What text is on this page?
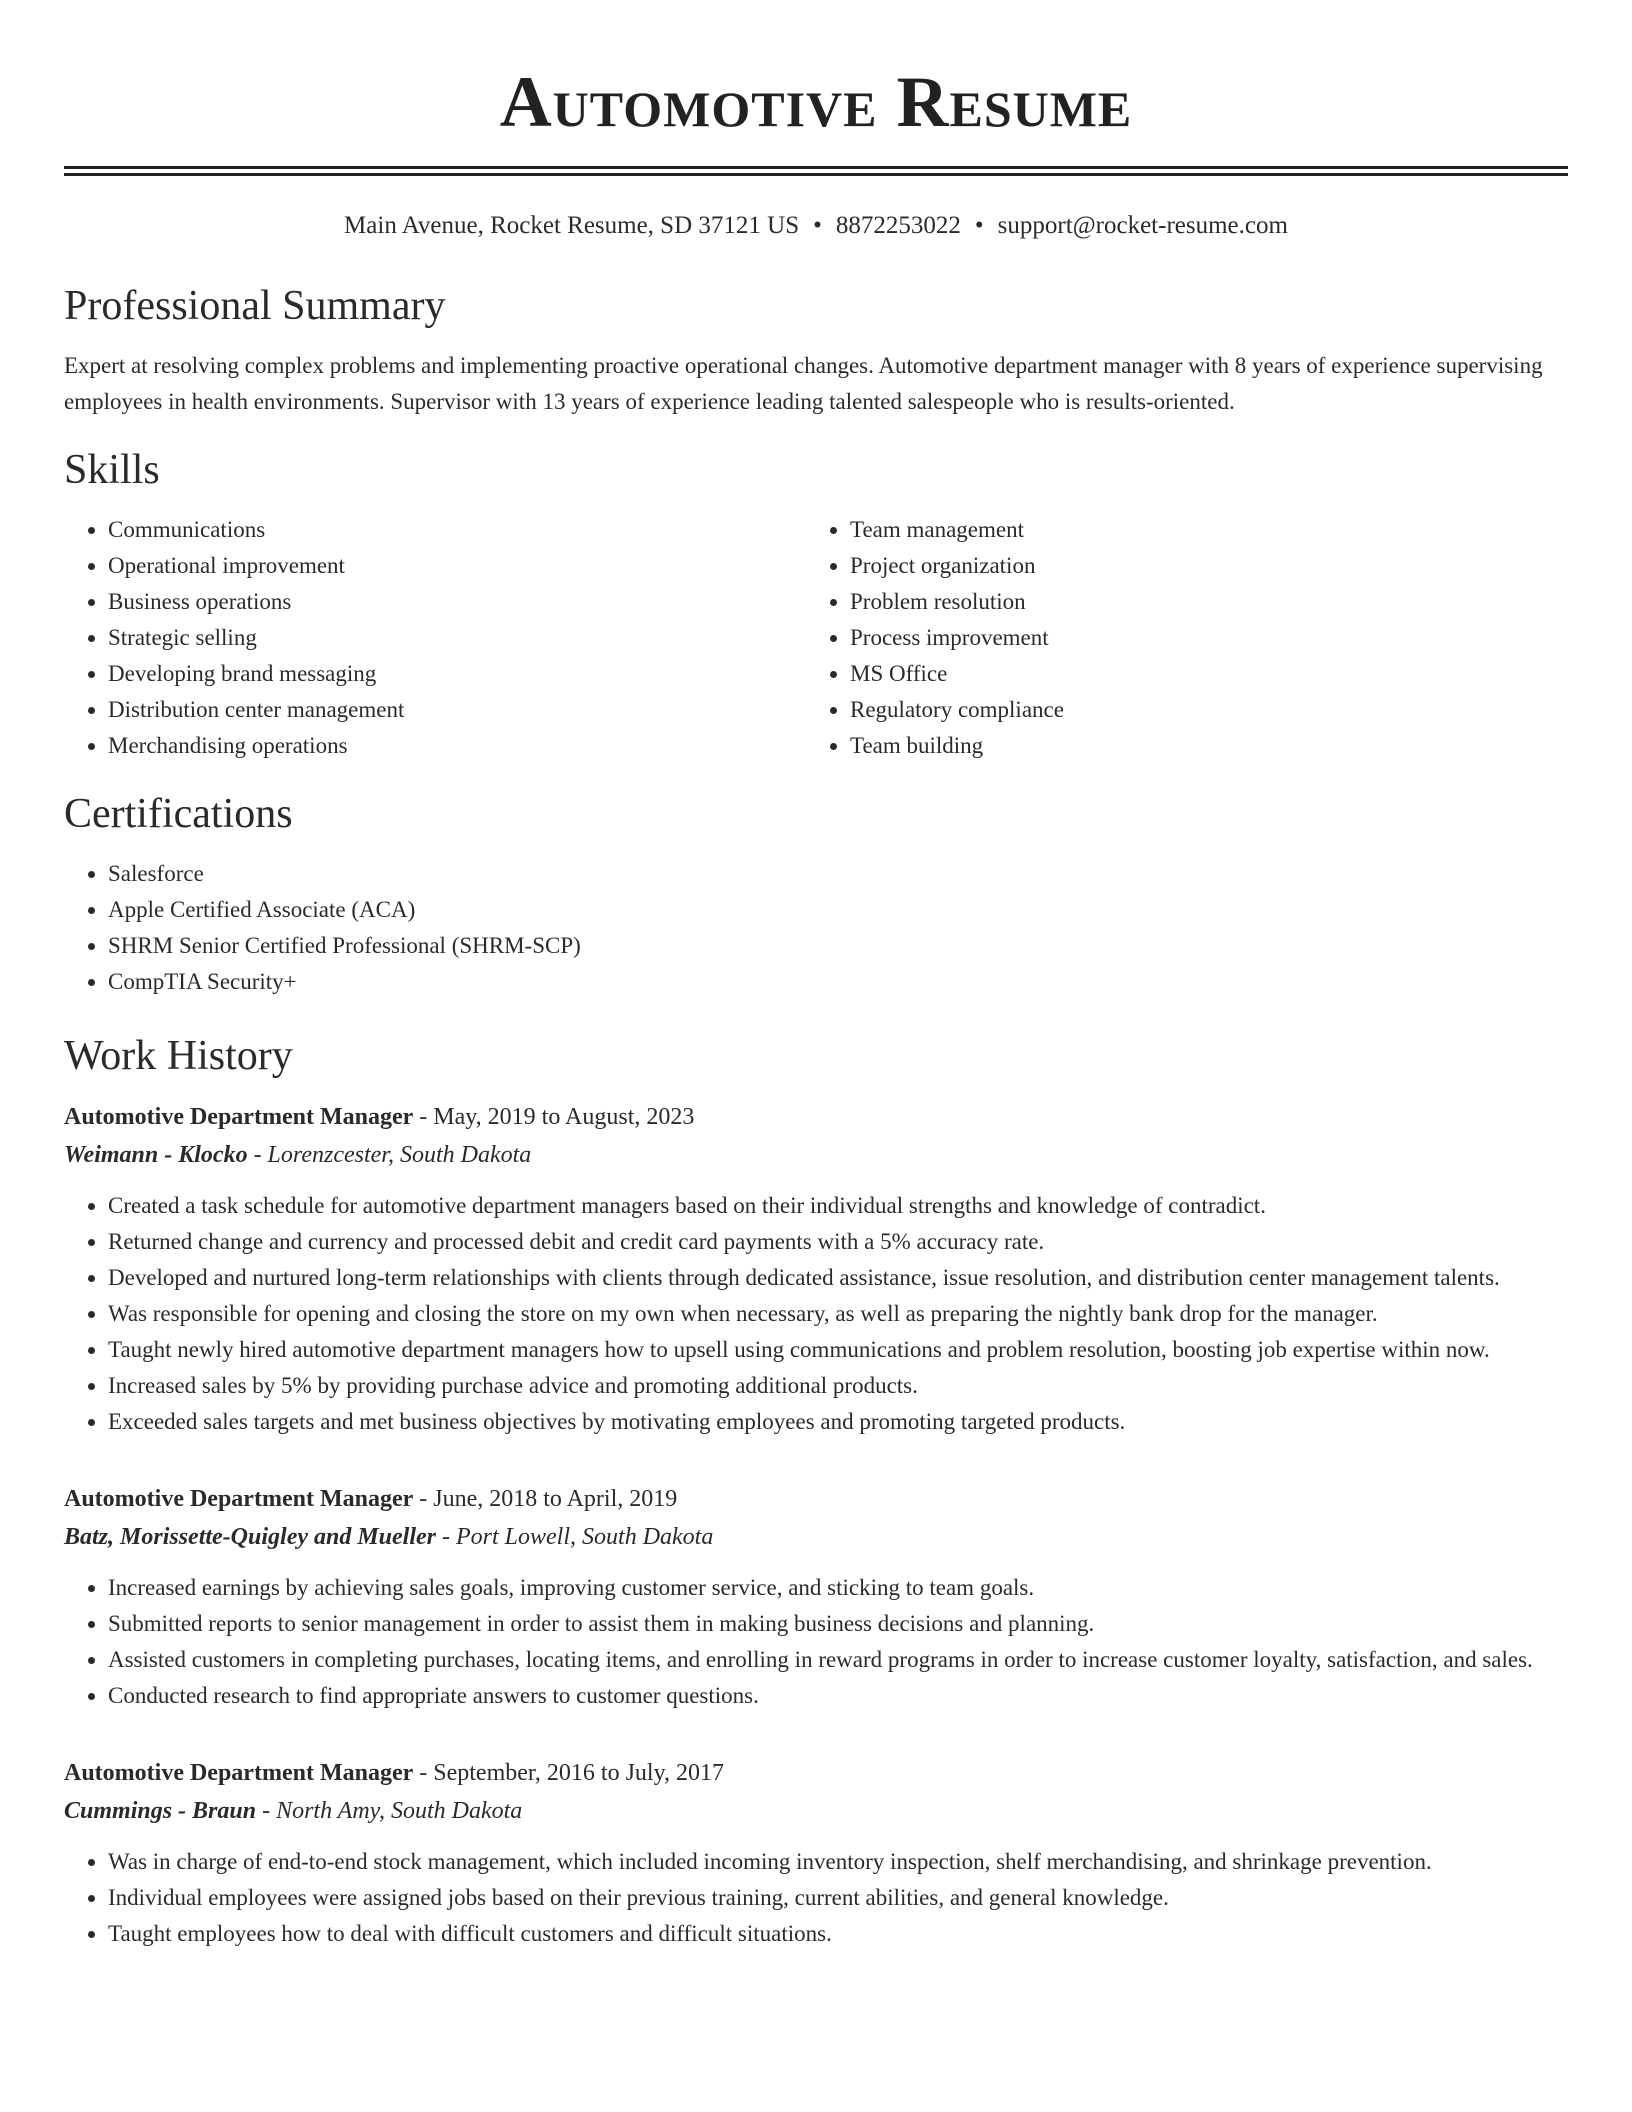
Automotive Resume
Main Avenue, Rocket Resume, SD 37121 US • 8872253022 • support@rocket-resume.com
Professional Summary

Expert at resolving complex problems and implementing proactive operational changes. Automotive department manager with 8 years of experience supervising employees in health environments. Supervisor with 13 years of experience leading talented salespeople who is results-oriented.

Skills
• Communications
• Operational improvement
• Business operations
• Strategic selling
• Developing brand messaging
• Distribution center management
• Merchandising operations
• Team management
• Project organization
• Problem resolution
• Process improvement
• MS Office
• Regulatory compliance
• Team building
Certifications
• Salesforce
• Apple Certified Associate (ACA)
• SHRM Senior Certified Professional (SHRM-SCP)
• CompTIA Security+
Work History
Automotive Department Manager - May, 2019 to August, 2023
Weimann - Klocko - Lorenzcester, South Dakota
• Created a task schedule for automotive department managers based on their individual strengths and knowledge of contradict.
• Returned change and currency and processed debit and credit card payments with a 5% accuracy rate.
• Developed and nurtured long-term relationships with clients through dedicated assistance, issue resolution, and distribution center management talents.
• Was responsible for opening and closing the store on my own when necessary, as well as preparing the nightly bank drop for the manager.
• Taught newly hired automotive department managers how to upsell using communications and problem resolution, boosting job expertise within now.
• Increased sales by 5% by providing purchase advice and promoting additional products.
• Exceeded sales targets and met business objectives by motivating employees and promoting targeted products.
Automotive Department Manager - June, 2018 to April, 2019
Batz, Morissette-Quigley and Mueller - Port Lowell, South Dakota
• Increased earnings by achieving sales goals, improving customer service, and sticking to team goals.
• Submitted reports to senior management in order to assist them in making business decisions and planning.
• Assisted customers in completing purchases, locating items, and enrolling in reward programs in order to increase customer loyalty, satisfaction, and sales.
• Conducted research to find appropriate answers to customer questions.
Automotive Department Manager - September, 2016 to July, 2017
Cummings - Braun - North Amy, South Dakota
• Was in charge of end-to-end stock management, which included incoming inventory inspection, shelf merchandising, and shrinkage prevention.
• Individual employees were assigned jobs based on their previous training, current abilities, and general knowledge.
• Taught employees how to deal with difficult customers and difficult situations.
